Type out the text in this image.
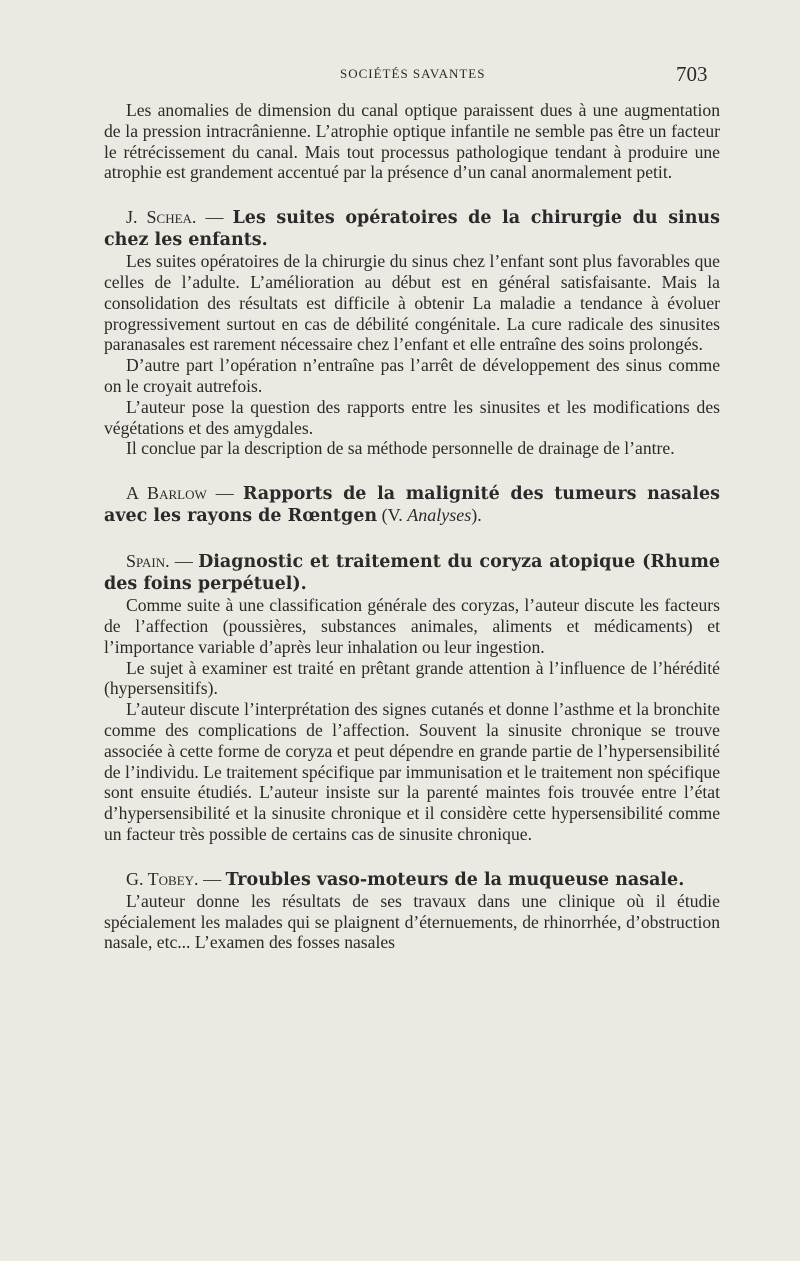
SOCIÉTÉS SAVANTES	703

Les anomalies de dimension du canal optique paraissent dues à une augmentation de la pression intracrânienne. L’atrophie optique infantile ne semble pas être un facteur le rétrécissement du canal. Mais tout processus pathologique tendant à produire une atrophie est grandement accentué par la présence d’un canal anormalement petit.

J. Schea. — Les suites opératoires de la chirurgie du sinus chez les enfants.

Les suites opératoires de la chirurgie du sinus chez l’enfant sont plus favorables que celles de l’adulte. L’amélioration au début est en général satisfaisante. Mais la consolidation des résultats est difficile à obtenir La maladie a tendance à évoluer progressivement surtout en cas de débilité congénitale. La cure radicale des sinusites paranasales est rarement nécessaire chez l’enfant et elle entraîne des soins prolongés.

D’autre part l’opération n’entraîne pas l’arrêt de développement des sinus comme on le croyait autrefois.

L’auteur pose la question des rapports entre les sinusites et les modifications des végétations et des amygdales.

Il conclue par la description de sa méthode personnelle de drainage de l’antre.

A Barlow — Rapports de la malignité des tumeurs nasales avec les rayons de Rœntgen (V. Analyses).

Spain. — Diagnostic et traitement du coryza atopique (Rhume des foins perpétuel).

Comme suite à une classification générale des coryzas, l’auteur discute les facteurs de l’affection (poussières, substances animales, aliments et médicaments) et l’importance variable d’après leur inhalation ou leur ingestion.

Le sujet à examiner est traité en prêtant grande attention à l’influence de l’hérédité (hypersensitifs).

L’auteur discute l’interprétation des signes cutanés et donne l’asthme et la bronchite comme des complications de l’affection. Souvent la sinusite chronique se trouve associée à cette forme de coryza et peut dépendre en grande partie de l’hypersensibilité de l’individu. Le traitement spécifique par immunisation et le traitement non spécifique sont ensuite étudiés. L’auteur insiste sur la parenté maintes fois trouvée entre l’état d’hypersensibilité et la sinusite chronique et il considère cette hypersensibilité comme un facteur très possible de certains cas de sinusite chronique.

G. Tobey. — Troubles vaso-moteurs de la muqueuse nasale.

L’auteur donne les résultats de ses travaux dans une clinique où il étudie spécialement les malades qui se plaignent d’éternuements, de rhinorrhée, d’obstruction nasale, etc... L’examen des fosses nasales
